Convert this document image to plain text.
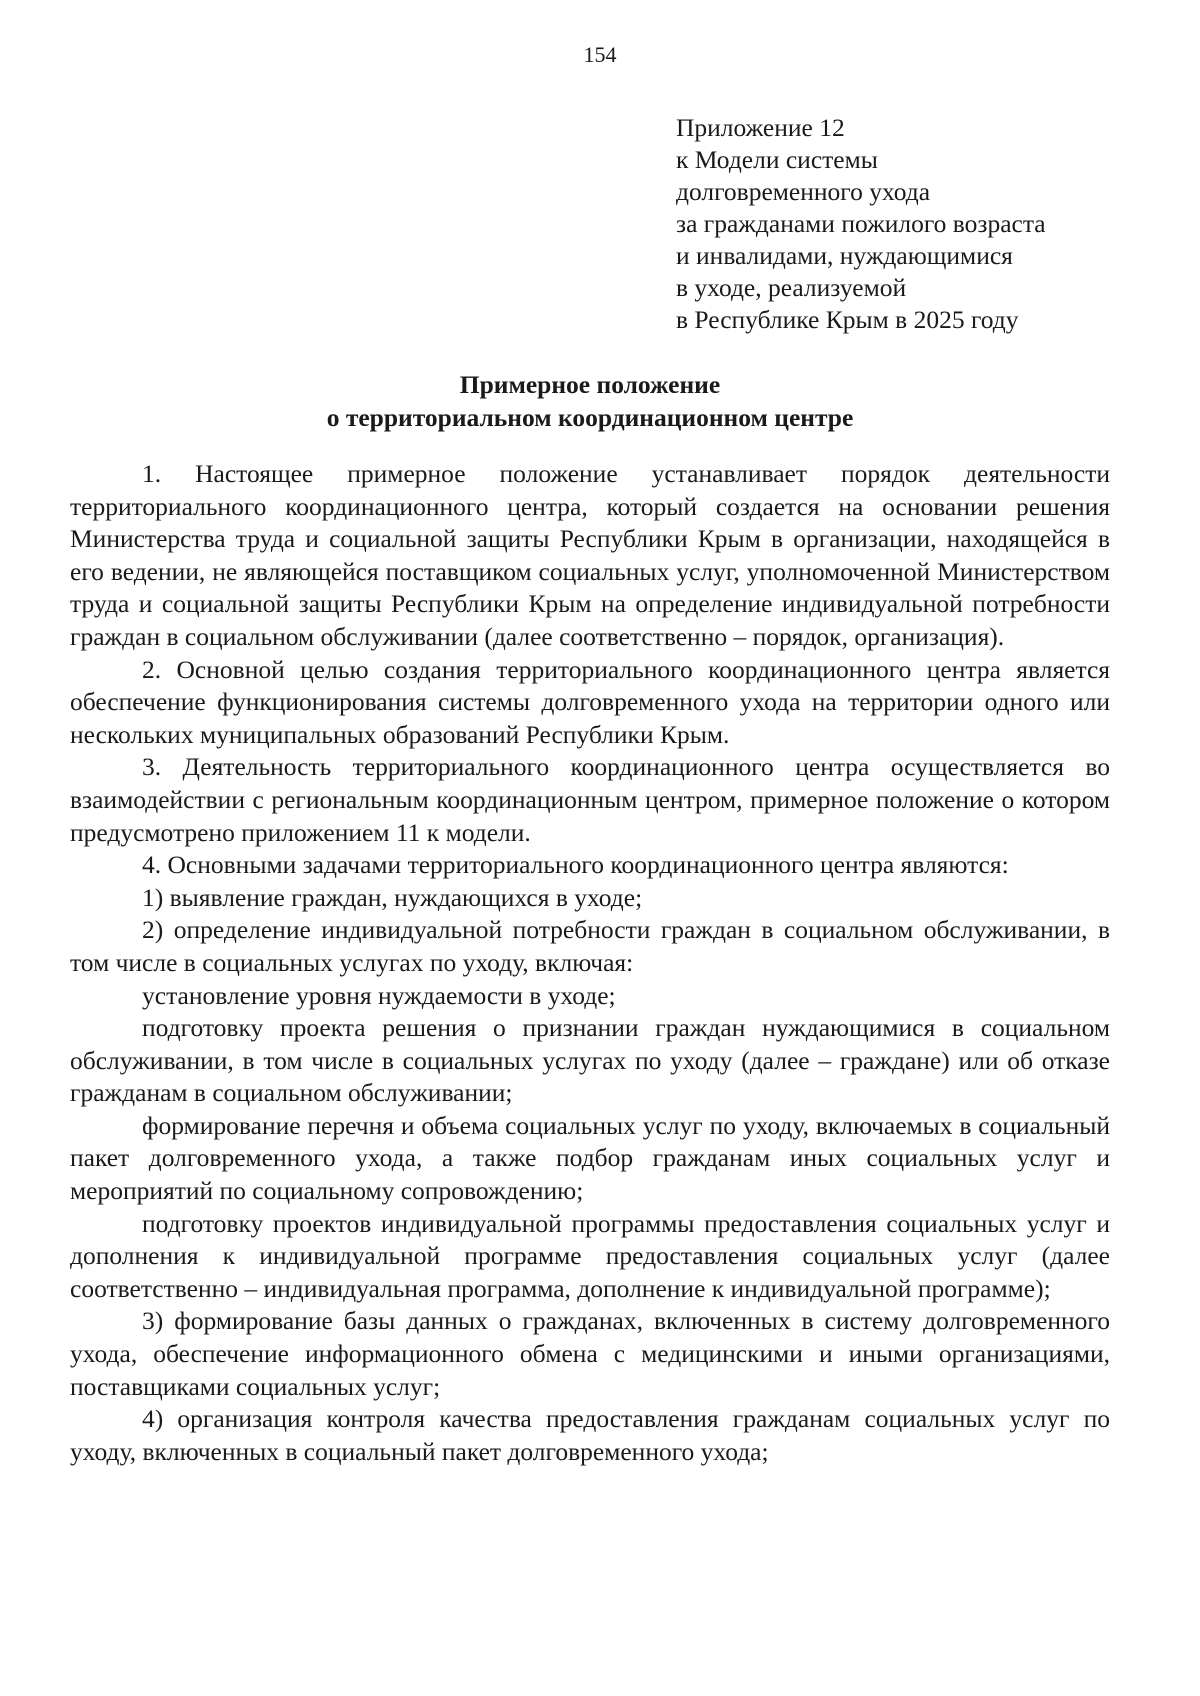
154
Приложение 12
к Модели системы
долговременного ухода
за гражданами пожилого возраста
и инвалидами, нуждающимися
в уходе, реализуемой
в Республике Крым в 2025 году
Примерное положение
о территориальном координационном центре

1. Настоящее примерное положение устанавливает порядок деятельности территориального координационного центра, который создается на основании решения Министерства труда и социальной защиты Республики Крым в организации, находящейся в его ведении, не являющейся поставщиком социальных услуг, уполномоченной Министерством труда и социальной защиты Республики Крым на определение индивидуальной потребности граждан в социальном обслуживании (далее соответственно – порядок, организация).

2. Основной целью создания территориального координационного центра является обеспечение функционирования системы долговременного ухода на территории одного или нескольких муниципальных образований Республики Крым.

3. Деятельность территориального координационного центра осуществляется во взаимодействии с региональным координационным центром, примерное положение о котором предусмотрено приложением 11 к модели.

4. Основными задачами территориального координационного центра являются:

1) выявление граждан, нуждающихся в уходе;

2) определение индивидуальной потребности граждан в социальном обслуживании, в том числе в социальных услугах по уходу, включая:

установление уровня нуждаемости в уходе;

подготовку проекта решения о признании граждан нуждающимися в социальном обслуживании, в том числе в социальных услугах по уходу (далее – граждане) или об отказе гражданам в социальном обслуживании;

формирование перечня и объема социальных услуг по уходу, включаемых в социальный пакет долговременного ухода, а также подбор гражданам иных социальных услуг и мероприятий по социальному сопровождению;

подготовку проектов индивидуальной программы предоставления социальных услуг и дополнения к индивидуальной программе предоставления социальных услуг (далее соответственно – индивидуальная программа, дополнение к индивидуальной программе);

3) формирование базы данных о гражданах, включенных в систему долговременного ухода, обеспечение информационного обмена с медицинскими и иными организациями, поставщиками социальных услуг;

4) организация контроля качества предоставления гражданам социальных услуг по уходу, включенных в социальный пакет долговременного ухода;
